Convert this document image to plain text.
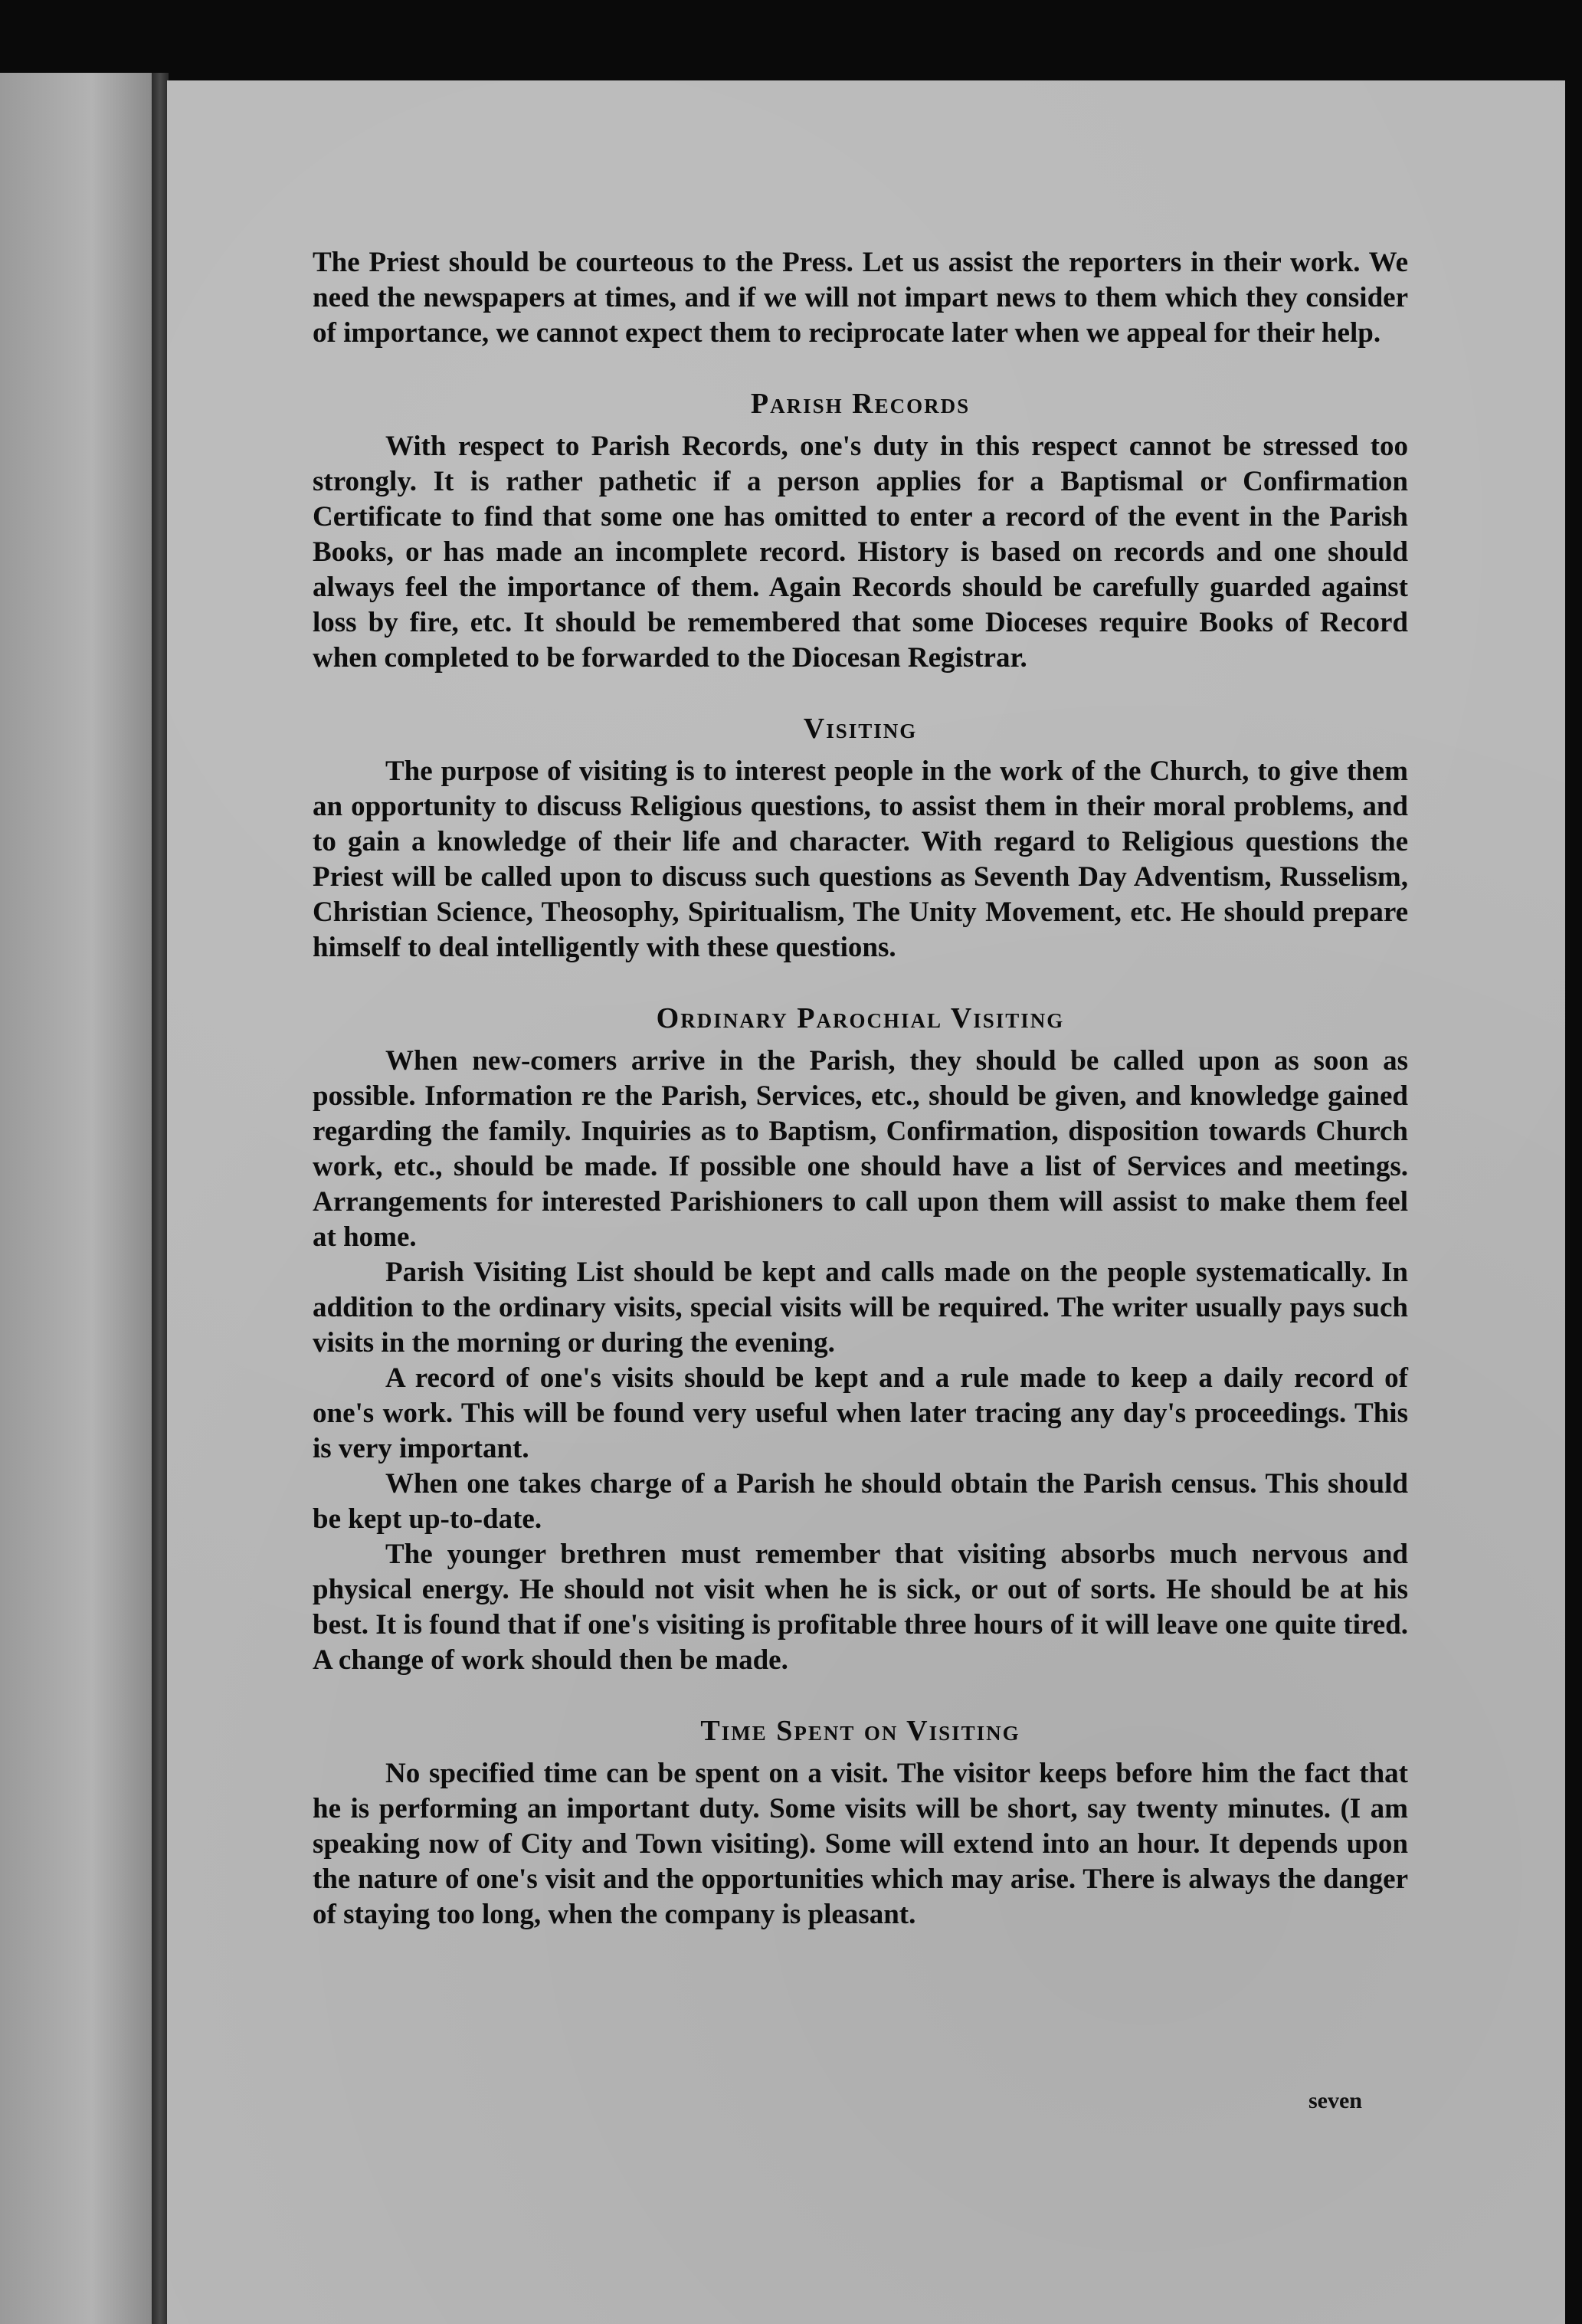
The Priest should be courteous to the Press. Let us assist the reporters in their work. We need the newspapers at times, and if we will not impart news to them which they consider of importance, we cannot expect them to reciprocate later when we appeal for their help.

Parish Records

With respect to Parish Records, one's duty in this respect cannot be stressed too strongly. It is rather pathetic if a person applies for a Baptismal or Confirmation Certificate to find that some one has omitted to enter a record of the event in the Parish Books, or has made an incomplete record. History is based on records and one should always feel the importance of them. Again Records should be carefully guarded against loss by fire, etc. It should be remembered that some Dioceses require Books of Record when completed to be forwarded to the Diocesan Registrar.

Visiting

The purpose of visiting is to interest people in the work of the Church, to give them an opportunity to discuss Religious questions, to assist them in their moral problems, and to gain a knowledge of their life and character. With regard to Religious questions the Priest will be called upon to discuss such questions as Seventh Day Adventism, Russelism, Christian Science, Theosophy, Spiritualism, The Unity Movement, etc. He should prepare himself to deal intelligently with these questions.

Ordinary Parochial Visiting

When new-comers arrive in the Parish, they should be called upon as soon as possible. Information re the Parish, Services, etc., should be given, and knowledge gained regarding the family. Inquiries as to Baptism, Confirmation, disposition towards Church work, etc., should be made. If possible one should have a list of Services and meetings. Arrangements for interested Parishioners to call upon them will assist to make them feel at home.

Parish Visiting List should be kept and calls made on the people systematically. In addition to the ordinary visits, special visits will be required. The writer usually pays such visits in the morning or during the evening.

A record of one's visits should be kept and a rule made to keep a daily record of one's work. This will be found very useful when later tracing any day's proceedings. This is very important.

When one takes charge of a Parish he should obtain the Parish census. This should be kept up-to-date.

The younger brethren must remember that visiting absorbs much nervous and physical energy. He should not visit when he is sick, or out of sorts. He should be at his best. It is found that if one's visiting is profitable three hours of it will leave one quite tired. A change of work should then be made.

Time Spent on Visiting

No specified time can be spent on a visit. The visitor keeps before him the fact that he is performing an important duty. Some visits will be short, say twenty minutes. (I am speaking now of City and Town visiting). Some will extend into an hour. It depends upon the nature of one's visit and the opportunities which may arise. There is always the danger of staying too long, when the company is pleasant.

seven
